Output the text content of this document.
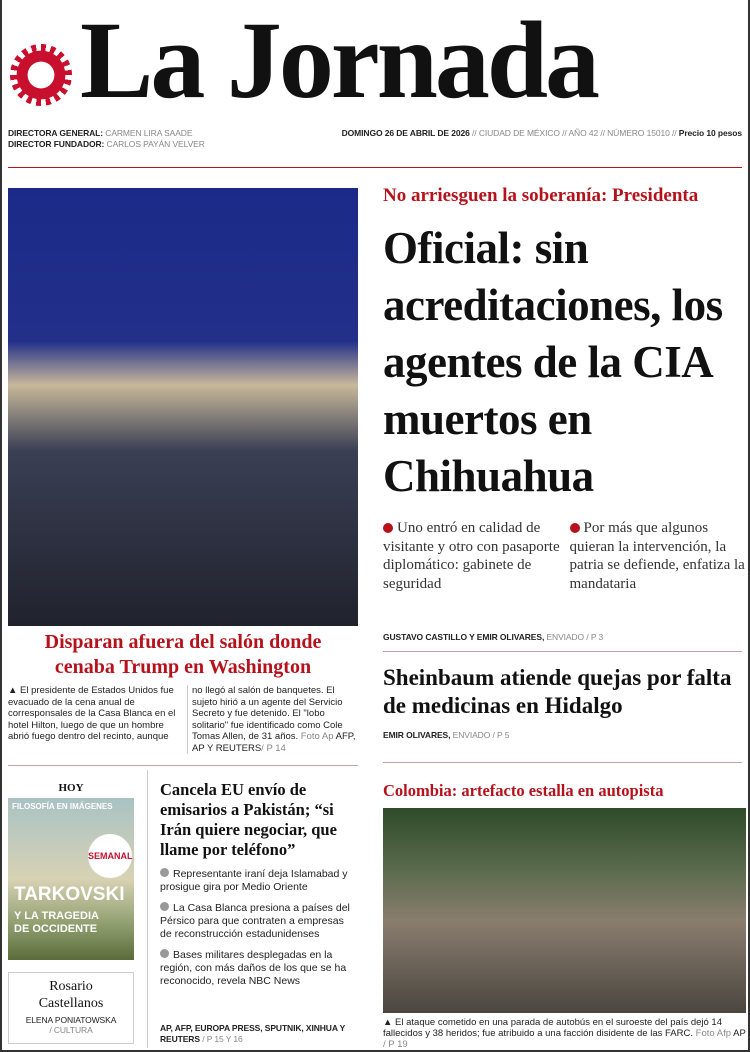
La Jornada
DIRECTORA GENERAL: CARMEN LIRA SAADE
DIRECTOR FUNDADOR: CARLOS PAYÁN VELVER
DOMINGO 26 DE ABRIL DE 2026 // CIUDAD DE MÉXICO // AÑO 42 // NÚMERO 15010 // Precio 10 pesos
Disparan afuera del salón donde cenaba Trump en Washington
▲ El presidente de Estados Unidos fue evacuado de la cena anual de corresponsales de la Casa Blanca en el hotel Hilton, luego de que un hombre abrió fuego dentro del recinto, aunque
no llegó al salón de banquetes. El sujeto hirió a un agente del Servicio Secreto y fue detenido. El "lobo solitario" fue identificado como Cole Tomas Allen, de 31 años. Foto Ap AFP, AP Y REUTERS/ P 14
No arriesguen la soberanía: Presidenta
Oficial: sin acreditaciones, los agentes de la CIA muertos en Chihuahua
Uno entró en calidad de visitante y otro con pasaporte diplomático: gabinete de seguridad
Por más que algunos quieran la intervención, la patria se defiende, enfatiza la mandataria
GUSTAVO CASTILLO Y EMIR OLIVARES, ENVIADO / P 3
Sheinbaum atiende quejas por falta de medicinas en Hidalgo
EMIR OLIVARES, ENVIADO / P 5
HOY
FILOSOFÍA EN IMÁGENES
SEMANAL
TARKOVSKI
Y LA TRAGEDIA DE OCCIDENTE
Rosario Castellanos
ELENA PONIATOWSKA
/ CULTURA
Cancela EU envío de emisarios a Pakistán; “si Irán quiere negociar, que llame por teléfono”
Representante iraní deja Islamabad y prosigue gira por Medio Oriente
La Casa Blanca presiona a países del Pérsico para que contraten a empresas de reconstrucción estadunidenses
Bases militares desplegadas en la región, con más daños de los que se ha reconocido, revela NBC News
AP, AFP, EUROPA PRESS, SPUTNIK, XINHUA Y REUTERS / P 15 Y 16
Colombia: artefacto estalla en autopista
▲ El ataque cometido en una parada de autobús en el suroeste del país dejó 14 fallecidos y 38 heridos; fue atribuido a una facción disidente de las FARC. Foto Afp AP / P 19
